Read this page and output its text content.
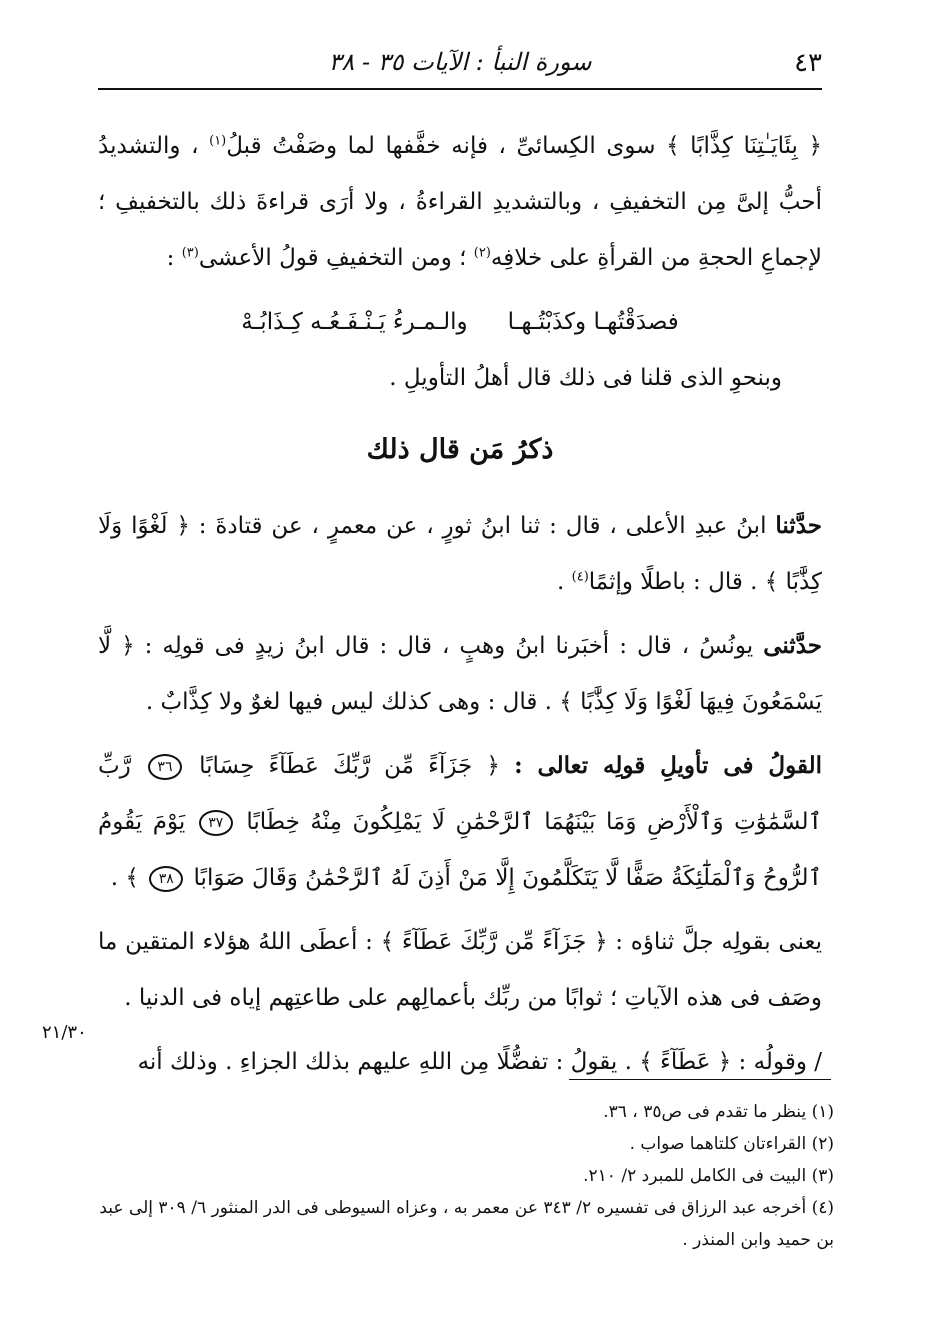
٤٣
سورة النبأ : الآيات ٣٥ - ٣٨

﴿ بِئَايَـٰتِنَا كِذَّابًا ﴾ سوى الكِسائىِّ ، فإنه خفَّفها لما وصَفْتُ قبلُ$^{(١)}$ ، والتشديدُ أحبُّ إلىَّ مِن التخفيفِ ، وبالتشديدِ القراءةُ ، ولا أرَى قراءةَ ذلك بالتخفيفِ ؛ لإجماعِ الحجةِ من القرأةِ على خلافِه$^{(٢)}$ ؛ ومن التخفيفِ قولُ الأعشى$^{(٣)}$ :

فصدَقْتُهـا وكذَبْتُـهـا
والـمـرءُ يَـنْـفَـعُـه كِـذَابُـهْ

وبنحوِ الذى قلنا فى ذلك قال أهلُ التأويلِ .

ذكرُ مَن قال ذلك

حدَّثنا ابنُ عبدِ الأعلى ، قال : ثنا ابنُ ثورٍ ، عن معمرٍ ، عن قتادةَ : ﴿ لَغْوًا وَلَا كِذَّٰبًا ﴾ . قال : باطلًا وإثمًا$^{(٤)}$ .

حدَّثنى يونُسُ ، قال : أخبَرنا ابنُ وهبٍ ، قال : قال ابنُ زيدٍ فى قولِه : ﴿ لَّا يَسْمَعُونَ فِيهَا لَغْوًا وَلَا كِذَّٰبًا ﴾ . قال : وهى كذلك ليس فيها لغوٌ ولا كِذَّابٌ .

القولُ فى تأويلِ قولِه تعالى : ﴿ جَزَآءً مِّن رَّبِّكَ عَطَآءً حِسَابًا ٣٦ رَّبِّ ٱلسَّمَٰوَٰتِ وَٱلْأَرْضِ وَمَا بَيْنَهُمَا ٱلرَّحْمَٰنِ لَا يَمْلِكُونَ مِنْهُ خِطَابًا ٣٧ يَوْمَ يَقُومُ ٱلرُّوحُ وَٱلْمَلَٰٓئِكَةُ صَفًّا لَّا يَتَكَلَّمُونَ إِلَّا مَنْ أَذِنَ لَهُ ٱلرَّحْمَٰنُ وَقَالَ صَوَابًا ٣٨ ﴾ .

يعنى بقولِه جلَّ ثناؤه : ﴿ جَزَآءً مِّن رَّبِّكَ عَطَآءً ﴾ : أعطَى اللهُ هؤلاء المتقين ما وصَف فى هذه الآياتِ ؛ ثوابًا من ربِّك بأعمالِهم على طاعتِهم إياه فى الدنيا .

/ وقولُه : ﴿ عَطَآءً ﴾ . يقولُ : تفضُّلًا مِن اللهِ عليهم بذلك الجزاءِ . وذلك أنه

٢١/٣٠

(١) ينظر ما تقدم فى ص٣٥ ، ٣٦.

(٢) القراءتان كلتاهما صواب .

(٣) البيت فى الكامل للمبرد ٢/ ٢١٠.

(٤) أخرجه عبد الرزاق فى تفسيره ٢/ ٣٤٣ عن معمر به ، وعزاه السيوطى فى الدر المنثور ٦/ ٣٠٩ إلى عبد بن حميد وابن المنذر .
